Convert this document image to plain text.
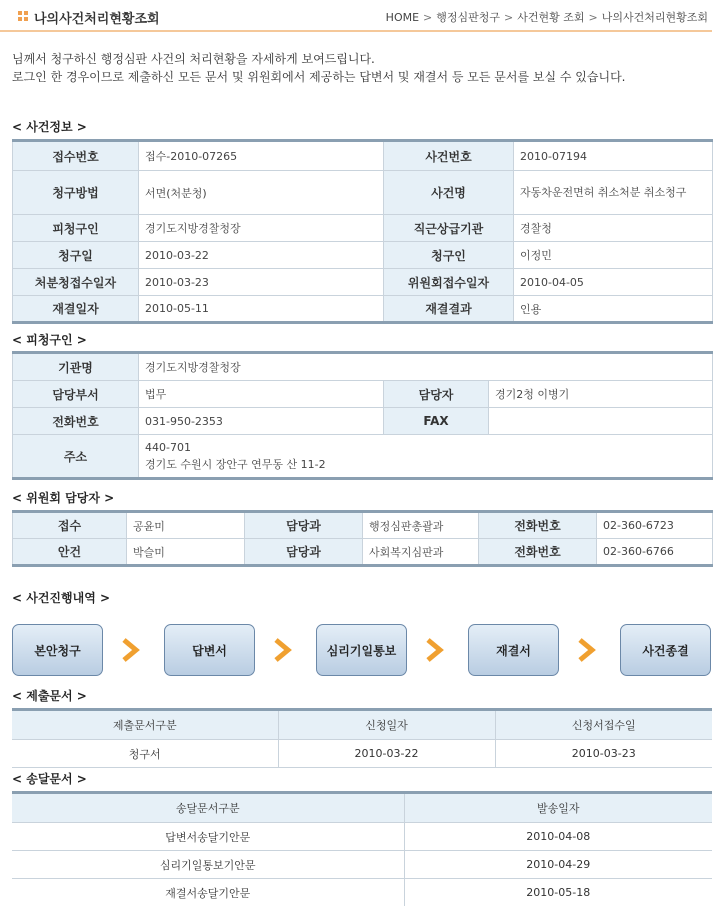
나의사건처리현황조회	HOME > 행정심판청구 > 사건현황 조회 > 나의사건처리현황조회
님께서 청구하신 행정심판 사건의 처리현황을 자세하게 보여드립니다.
로그인 한 경우이므로 제출하신 모든 문서 및 위원회에서 제공하는 답변서 및 재결서 등 모든 문서를 보실 수 있습니다.
< 사건정보 >
접수번호	접수-2010-07265	사건번호	2010-07194
청구방법	서면(처분청)	사건명	자동차운전면허 취소처분 취소청구
피청구인	경기도지방경찰청장	직근상급기관	경찰청
청구일	2010-03-22	청구인	이정민
처분청접수일자	2010-03-23	위원회접수일자	2010-04-05
재결일자	2010-05-11	재결결과	인용
< 피청구인 >
기관명	경기도지방경찰청장		
담당부서	법무	담당자	경기2청 이병기
전화번호	031-950-2353	FAX	
주소	440-701
경기도 수원시 장안구 연무동 산 11-2		
< 위원회 담당자 >
접수	공윤미	담당과	행정심판총괄과	전화번호	02-360-6723
안건	박슬미	담당과	사회복지심판과	전화번호	02-360-6766
< 사건진행내역 >
본안청구	답변서	심리기일통보	재결서	사건종결
< 제출문서 >
제출문서구분	신청일자	신청서접수일
청구서	2010-03-22	2010-03-23
< 송달문서 >
송달문서구분	발송일자
답변서송달기안문	2010-04-08
심리기일통보기안문	2010-04-29
재결서송달기안문	2010-05-18
